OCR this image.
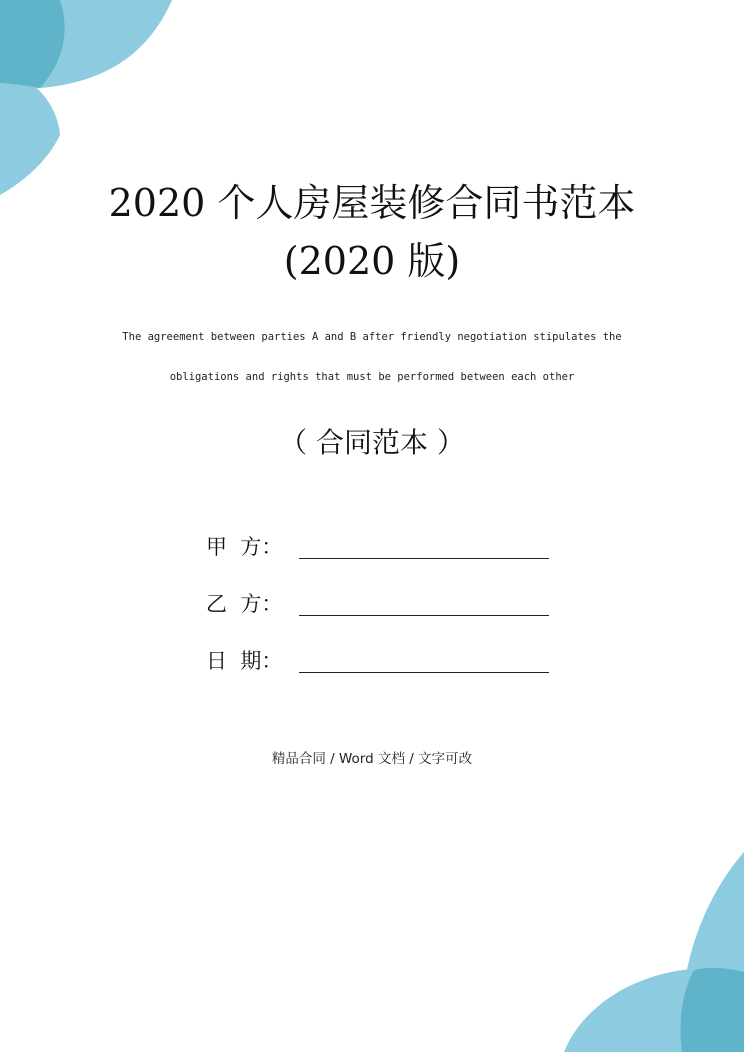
2020 个人房屋装修合同书范本
(2020 版)
The agreement between parties A and B after friendly negotiation stipulates the
obligations and rights that must be performed between each other
（ 合同范本 ）
甲  方：
乙  方：
日  期：
精品合同 / Word 文档 / 文字可改
